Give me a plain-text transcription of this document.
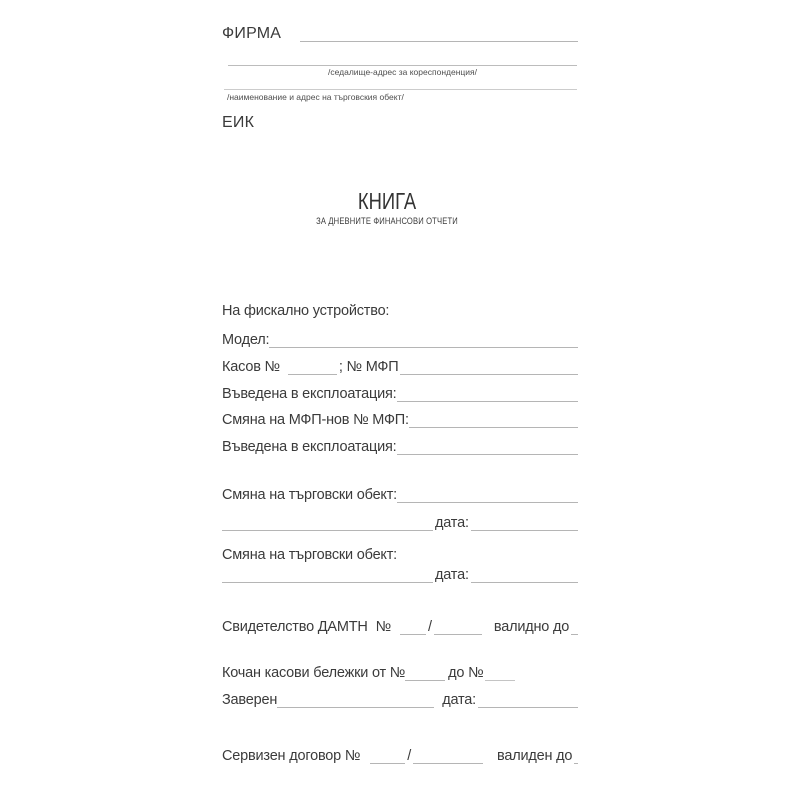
ФИРМА
/седалище-адрес за кореспонденция/
/наименование и адрес на търговския обект/
ЕИК
КНИГА
ЗА ДНЕВНИТЕ ФИНАНСОВИ ОТЧЕТИ
На фискално устройство:
Модел:
Касов №	; № МФП
Въведена в експлоатация:
Смяна на МФП-нов № МФП:
Въведена в експлоатация:
Смяна на търговски обект:
дата:
Смяна на търговски обект:
дата:
Свидетелство ДАМТН №	/	валидно до
Кочан касови бележки от №	до №
Заверен	дата:
Сервизен договор №	/	валиден до
